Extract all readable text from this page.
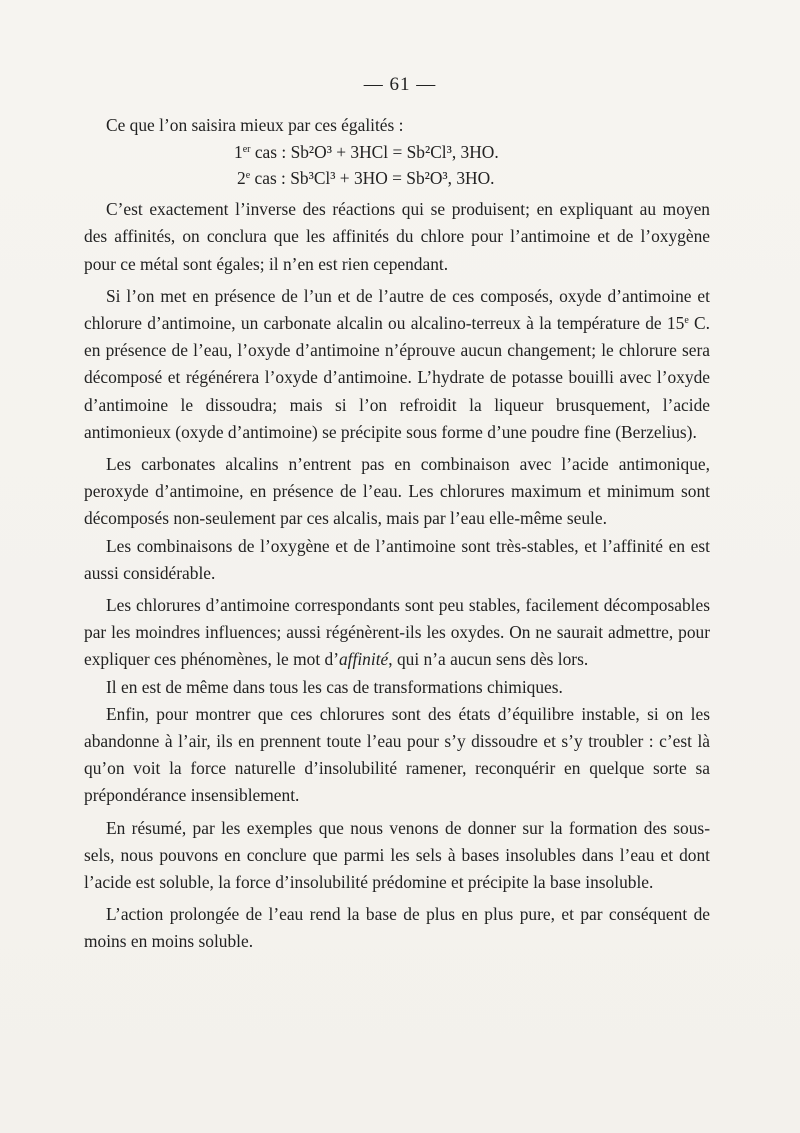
— 61 —

Ce que l’on saisira mieux par ces égalités :

1er cas : Sb²O³ + 3HCl = Sb²Cl³, 3HO.
2e cas : Sb³Cl³ + 3HO = Sb²O³, 3HO.

C’est exactement l’inverse des réactions qui se produisent; en expliquant au moyen des affinités, on conclura que les affinités du chlore pour l’antimoine et de l’oxygène pour ce métal sont égales; il n’en est rien cependant.

Si l’on met en présence de l’un et de l’autre de ces composés, oxyde d’antimoine et chlorure d’antimoine, un carbonate alcalin ou alcalino-terreux à la température de 15e C. en présence de l’eau, l’oxyde d’antimoine n’éprouve aucun changement; le chlorure sera décomposé et régénérera l’oxyde d’antimoine. L’hydrate de potasse bouilli avec l’oxyde d’antimoine le dissoudra; mais si l’on refroidit la liqueur brusquement, l’acide antimonieux (oxyde d’antimoine) se précipite sous forme d’une poudre fine (Berzelius).

Les carbonates alcalins n’entrent pas en combinaison avec l’acide antimonique, peroxyde d’antimoine, en présence de l’eau. Les chlorures maximum et minimum sont décomposés non-seulement par ces alcalis, mais par l’eau elle-même seule.

Les combinaisons de l’oxygène et de l’antimoine sont très-stables, et l’affinité en est aussi considérable.

Les chlorures d’antimoine correspondants sont peu stables, facilement décomposables par les moindres influences; aussi régénèrent-ils les oxydes. On ne saurait admettre, pour expliquer ces phénomènes, le mot d’affinité, qui n’a aucun sens dès lors.

Il en est de même dans tous les cas de transformations chimiques.

Enfin, pour montrer que ces chlorures sont des états d’équilibre instable, si on les abandonne à l’air, ils en prennent toute l’eau pour s’y dissoudre et s’y troubler : c’est là qu’on voit la force naturelle d’insolubilité ramener, reconquérir en quelque sorte sa prépondérance insensiblement.

En résumé, par les exemples que nous venons de donner sur la formation des sous-sels, nous pouvons en conclure que parmi les sels à bases insolubles dans l’eau et dont l’acide est soluble, la force d’insolubilité prédomine et précipite la base insoluble.

L’action prolongée de l’eau rend la base de plus en plus pure, et par conséquent de moins en moins soluble.
